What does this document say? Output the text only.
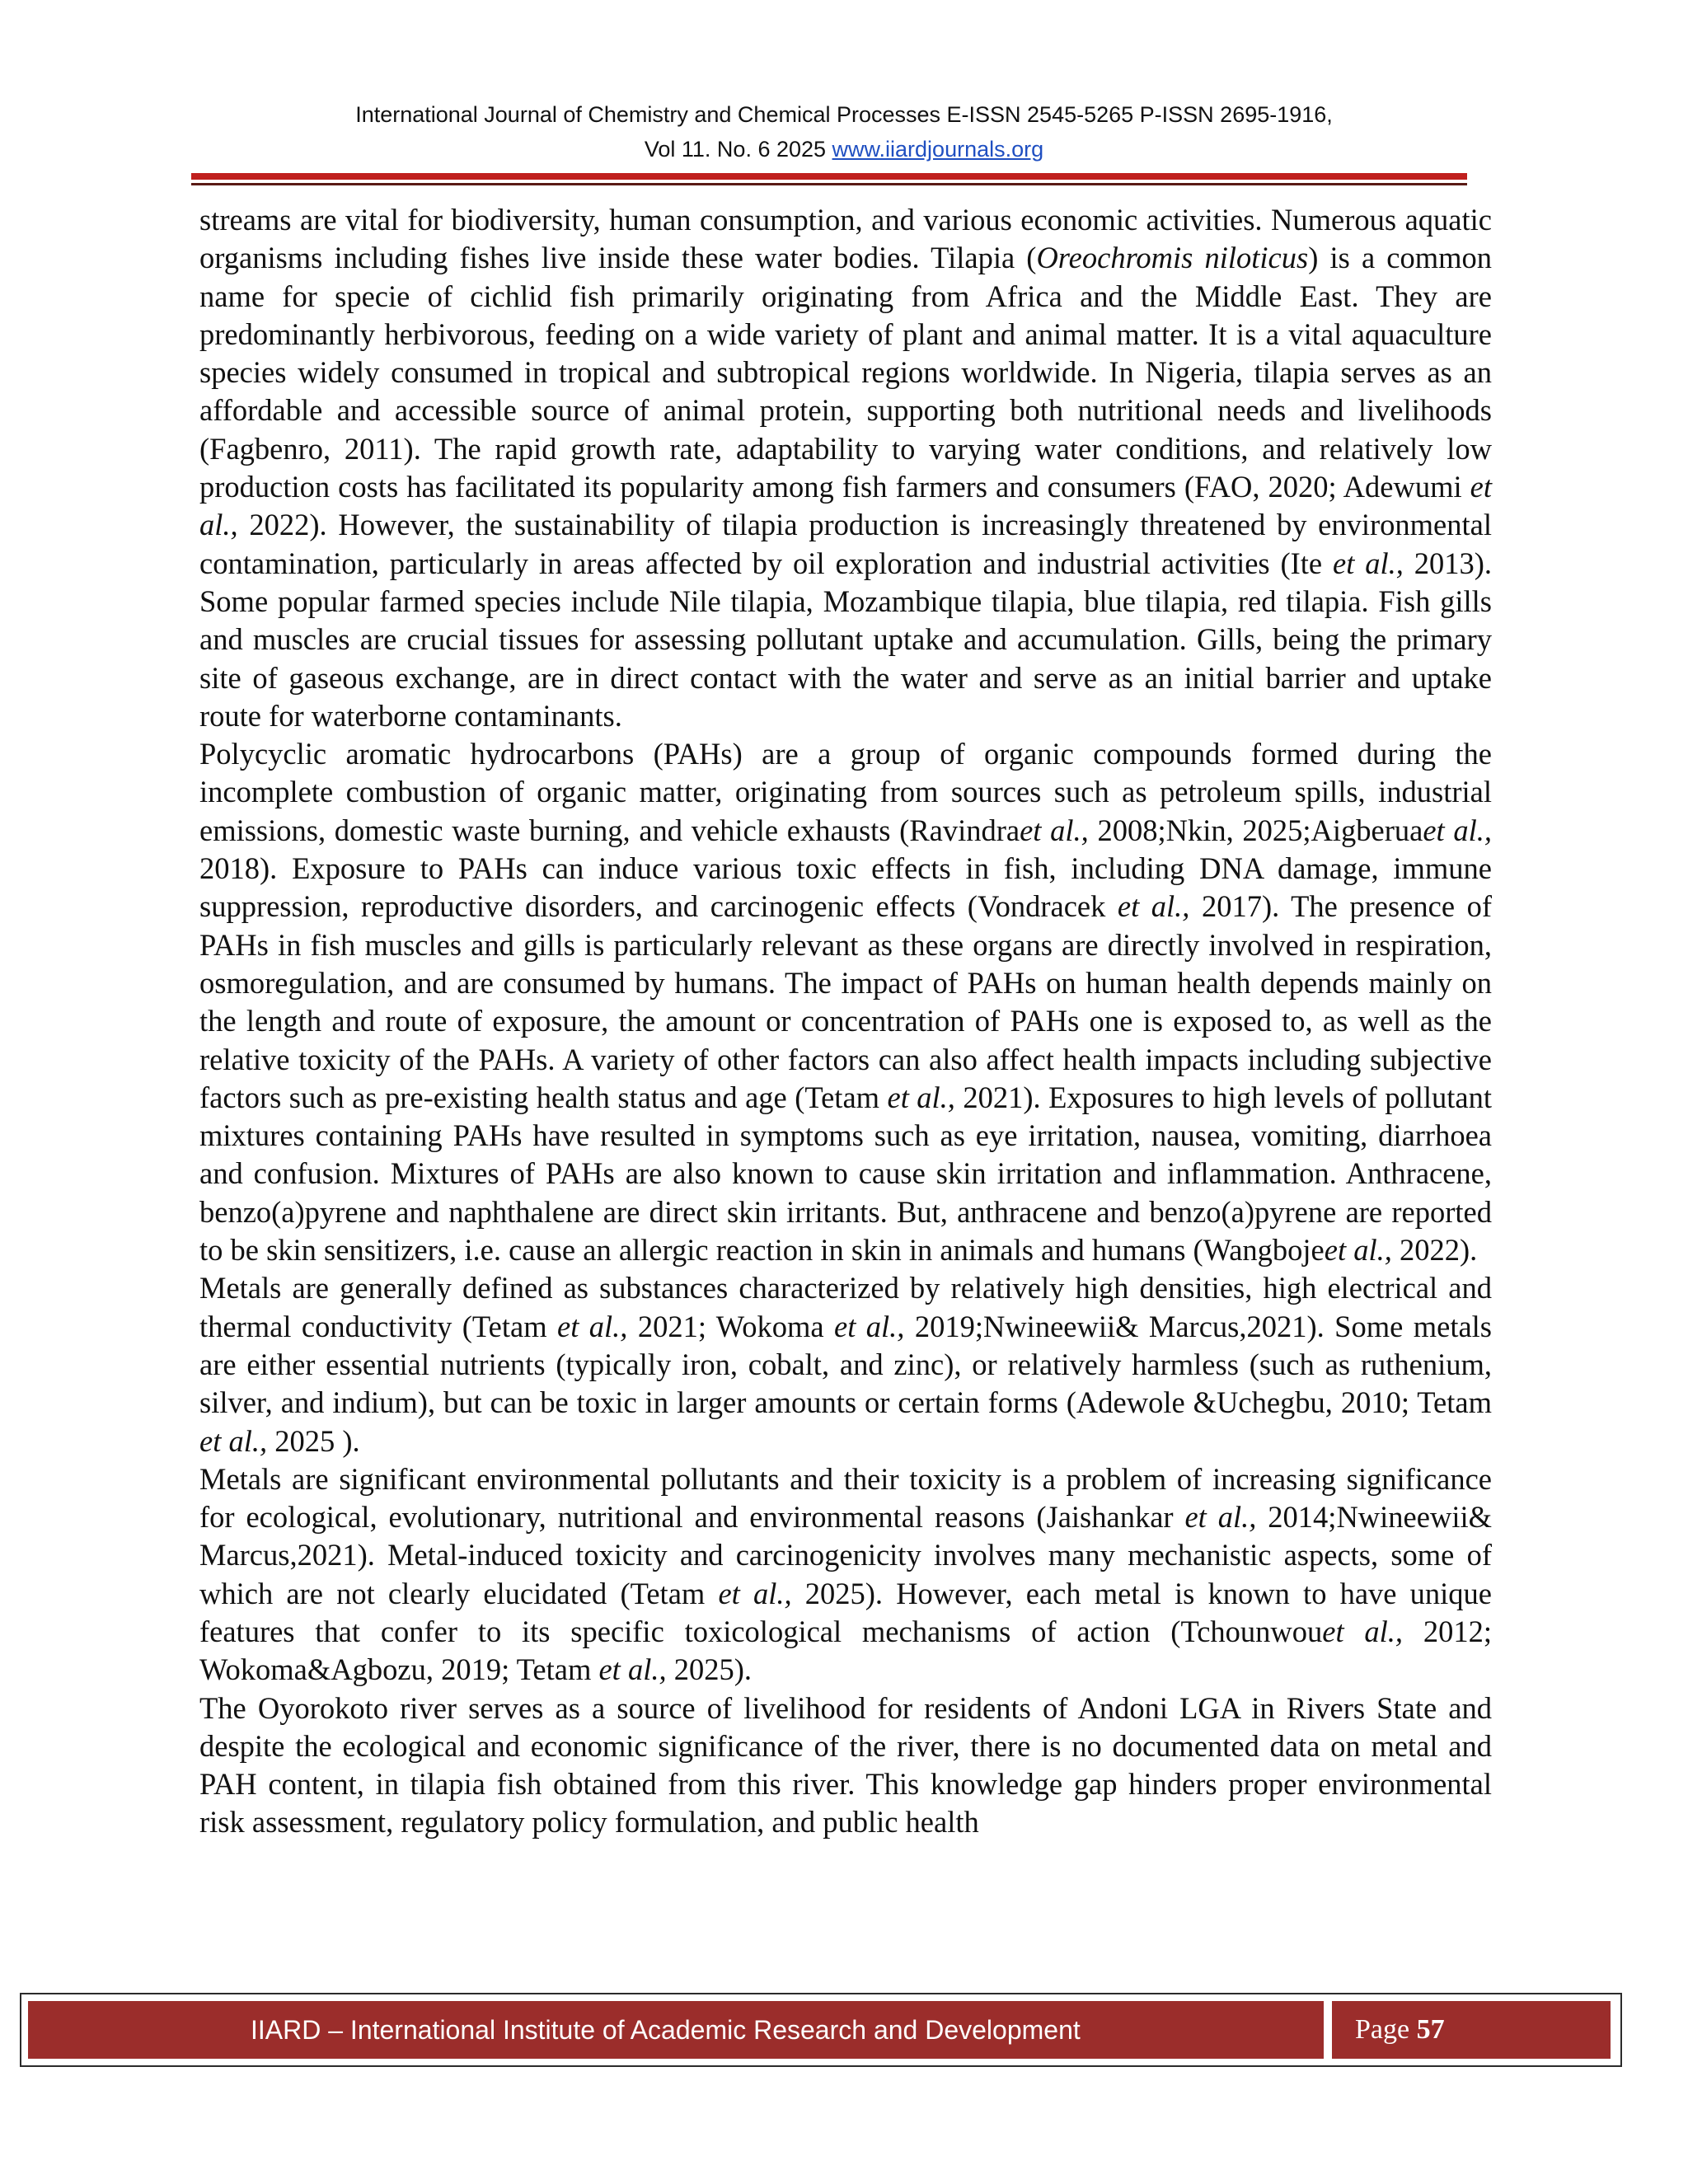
International Journal of Chemistry and Chemical Processes E-ISSN 2545-5265 P-ISSN 2695-1916,
Vol 11. No. 6 2025 www.iiardjournals.org

streams are vital for biodiversity, human consumption, and various economic activities. Numerous aquatic organisms including fishes live inside these water bodies. Tilapia (Oreochromis niloticus) is a common name for specie of cichlid fish primarily originating from Africa and the Middle East. They are predominantly herbivorous, feeding on a wide variety of plant and animal matter. It is a vital aquaculture species widely consumed in tropical and subtropical regions worldwide. In Nigeria, tilapia serves as an affordable and accessible source of animal protein, supporting both nutritional needs and livelihoods (Fagbenro, 2011). The rapid growth rate, adaptability to varying water conditions, and relatively low production costs has facilitated its popularity among fish farmers and consumers (FAO, 2020; Adewumi et al., 2022). However, the sustainability of tilapia production is increasingly threatened by environmental contamination, particularly in areas affected by oil exploration and industrial activities (Ite et al., 2013). Some popular farmed species include Nile tilapia, Mozambique tilapia, blue tilapia, red tilapia. Fish gills and muscles are crucial tissues for assessing pollutant uptake and accumulation. Gills, being the primary site of gaseous exchange, are in direct contact with the water and serve as an initial barrier and uptake route for waterborne contaminants.

Polycyclic aromatic hydrocarbons (PAHs) are a group of organic compounds formed during the incomplete combustion of organic matter, originating from sources such as petroleum spills, industrial emissions, domestic waste burning, and vehicle exhausts (Ravindraet al., 2008;Nkin, 2025;Aigberuaet al., 2018). Exposure to PAHs can induce various toxic effects in fish, including DNA damage, immune suppression, reproductive disorders, and carcinogenic effects (Vondracek et al., 2017). The presence of PAHs in fish muscles and gills is particularly relevant as these organs are directly involved in respiration, osmoregulation, and are consumed by humans. The impact of PAHs on human health depends mainly on the length and route of exposure, the amount or concentration of PAHs one is exposed to, as well as the relative toxicity of the PAHs. A variety of other factors can also affect health impacts including subjective factors such as pre-existing health status and age (Tetam et al., 2021). Exposures to high levels of pollutant mixtures containing PAHs have resulted in symptoms such as eye irritation, nausea, vomiting, diarrhoea and confusion. Mixtures of PAHs are also known to cause skin irritation and inflammation. Anthracene, benzo(a)pyrene and naphthalene are direct skin irritants. But, anthracene and benzo(a)pyrene are reported to be skin sensitizers, i.e. cause an allergic reaction in skin in animals and humans (Wangbojeet al., 2022).

Metals are generally defined as substances characterized by relatively high densities, high electrical and thermal conductivity (Tetam et al., 2021; Wokoma et al., 2019;Nwineewii& Marcus,2021). Some metals are either essential nutrients (typically iron, cobalt, and zinc), or relatively harmless (such as ruthenium, silver, and indium), but can be toxic in larger amounts or certain forms (Adewole &Uchegbu, 2010; Tetam et al., 2025 ).

Metals are significant environmental pollutants and their toxicity is a problem of increasing significance for ecological, evolutionary, nutritional and environmental reasons (Jaishankar et al., 2014;Nwineewii& Marcus,2021). Metal-induced toxicity and carcinogenicity involves many mechanistic aspects, some of which are not clearly elucidated (Tetam et al., 2025). However, each metal is known to have unique features that confer to its specific toxicological mechanisms of action (Tchounwouet al., 2012; Wokoma&Agbozu, 2019; Tetam et al., 2025).

The Oyorokoto river serves as a source of livelihood for residents of Andoni LGA in Rivers State and despite the ecological and economic significance of the river, there is no documented data on metal and PAH content, in tilapia fish obtained from this river. This knowledge gap hinders proper environmental risk assessment, regulatory policy formulation, and public health

IIARD – International Institute of Academic Research and Development	Page 57
